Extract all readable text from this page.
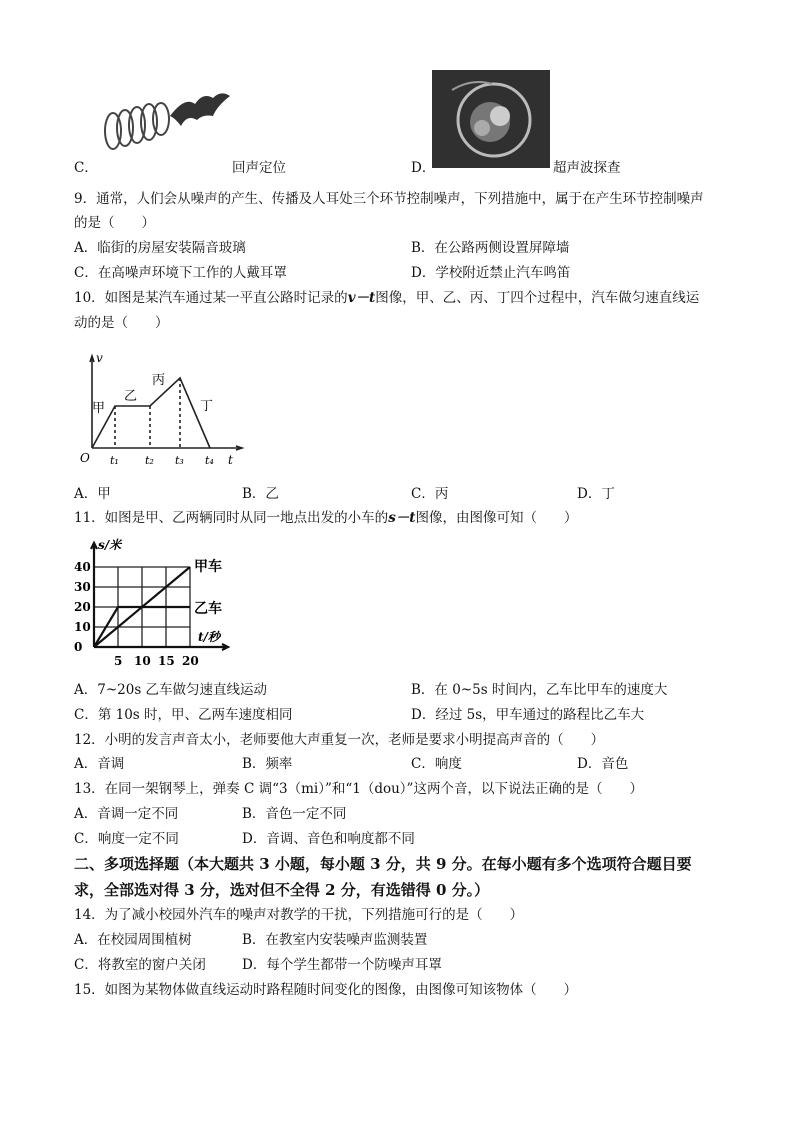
C．	回声定位	D．	超声波探查
9．通常，人们会从噪声的产生、传播及人耳处三个环节控制噪声，下列措施中，属于在产生环节控制噪声
的是（　　）
A．临街的房屋安装隔音玻璃	B．在公路两侧设置屏障墙
C．在高噪声环境下工作的人戴耳罩	D．学校附近禁止汽车鸣笛
10．如图是某汽车通过某一平直公路时记录的v－t图像，甲、乙、丙、丁四个过程中，汽车做匀速直线运
动的是（　　）
v
O t₁ t₂ t₃ t₄ t
甲
乙
丙
丁
A．甲	B．乙	C．丙	D．丁
11．如图是甲、乙两辆同时从同一地点出发的小车的s－t图像，由图像可知（　　）
s/米
t/秒
0
10
20
30
40
5 10 15 20
甲车
乙车
A．7~20s 乙车做匀速直线运动	B．在 0~5s 时间内，乙车比甲车的速度大
C．第 10s 时，甲、乙两车速度相同	D．经过 5s，甲车通过的路程比乙车大
12．小明的发言声音太小，老师要他大声重复一次，老师是要求小明提高声音的（　　）
A．音调	B．频率	C．响度	D．音色
13．在同一架钢琴上，弹奏 C 调“3（mi）”和“1（dou）”这两个音，以下说法正确的是（　　）
A．音调一定不同	B．音色一定不同
C．响度一定不同	D．音调、音色和响度都不同
二、多项选择题（本大题共 3 小题，每小题 3 分，共 9 分。在每小题有多个选项符合题目要
求，全部选对得 3 分，选对但不全得 2 分，有选错得 0 分。）
14．为了减小校园外汽车的噪声对教学的干扰，下列措施可行的是（　　）
A．在校园周围植树	B．在教室内安装噪声监测装置
C．将教室的窗户关闭	D．每个学生都带一个防噪声耳罩
15．如图为某物体做直线运动时路程随时间变化的图像，由图像可知该物体（　　）
